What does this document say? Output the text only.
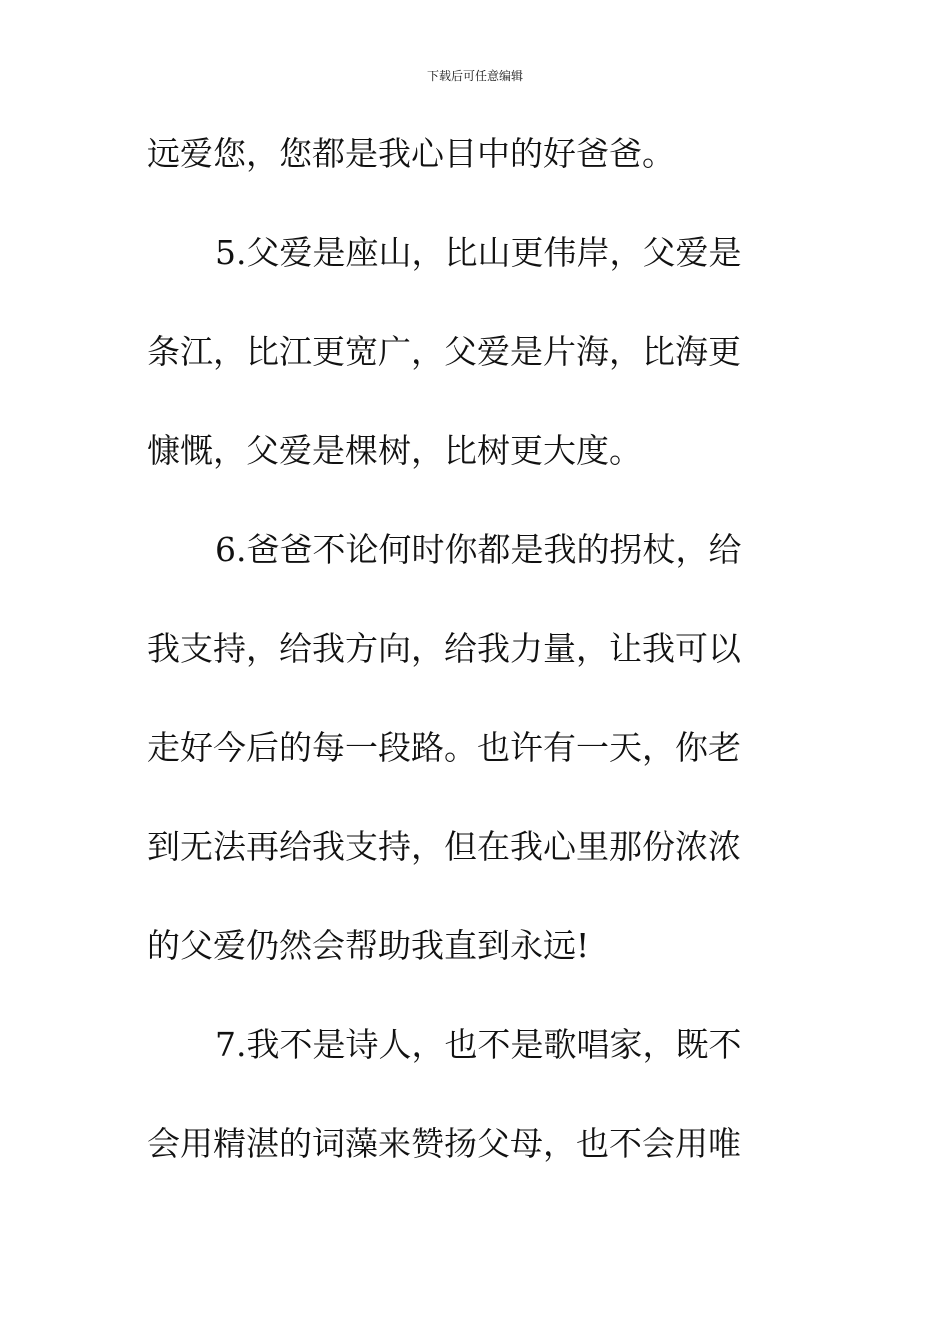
下载后可任意编辑
远爱您，您都是我心目中的好爸爸。
5.父爱是座山，比山更伟岸，父爱是
条江，比江更宽广，父爱是片海，比海更
慷慨，父爱是棵树，比树更大度。
6.爸爸不论何时你都是我的拐杖，给
我支持，给我方向，给我力量，让我可以
走好今后的每一段路。也许有一天，你老
到无法再给我支持，但在我心里那份浓浓
的父爱仍然会帮助我直到永远!
7.我不是诗人，也不是歌唱家，既不
会用精湛的词藻来赞扬父母，也不会用唯
